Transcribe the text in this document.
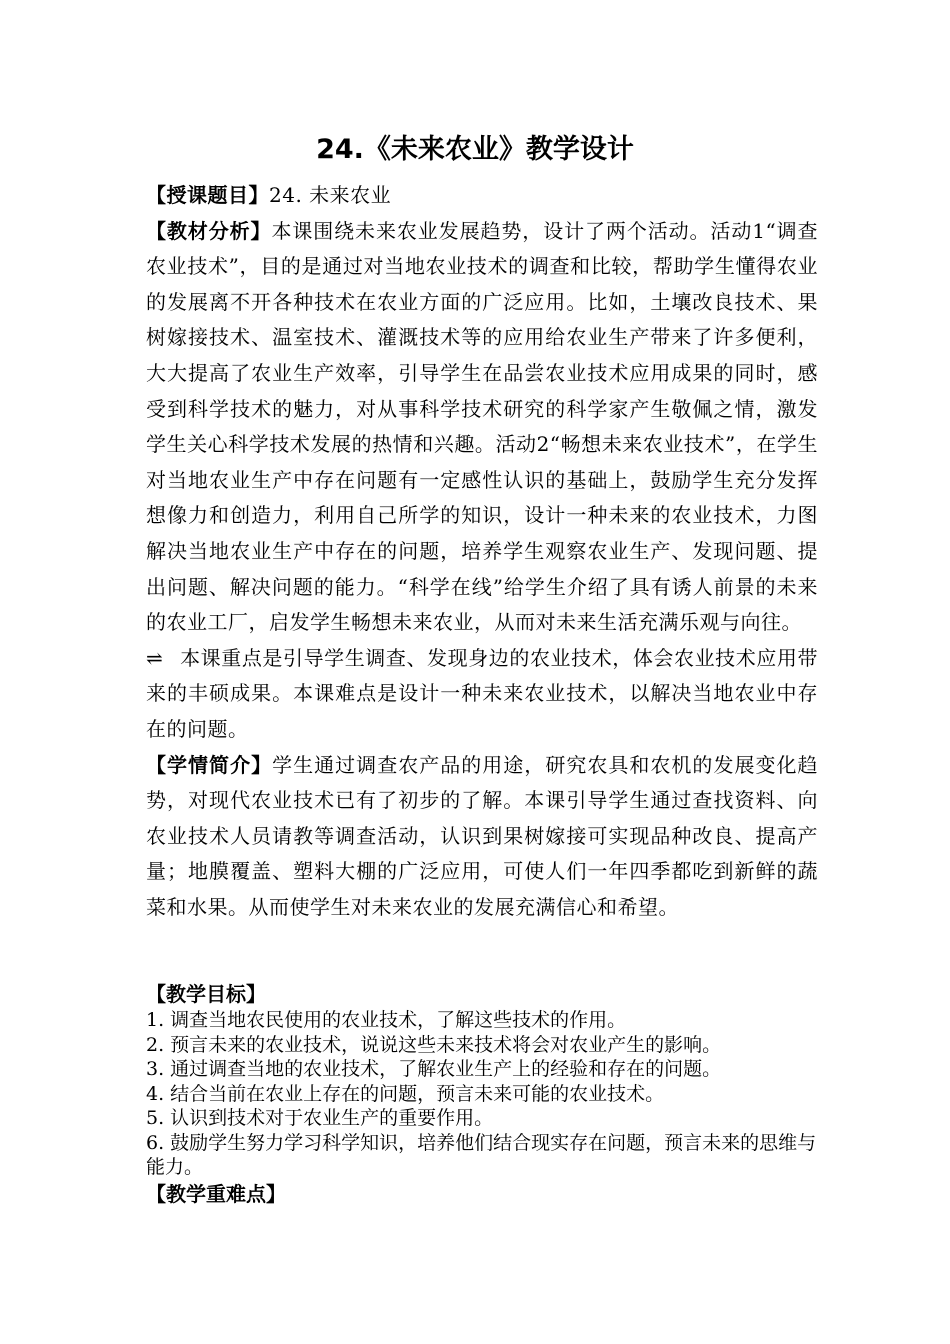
24.《未来农业》教学设计

【授课题目】24. 未来农业

【教材分析】本课围绕未来农业发展趋势，设计了两个活动。活动1“调查农业技术”，目的是通过对当地农业技术的调查和比较，帮助学生懂得农业的发展离不开各种技术在农业方面的广泛应用。比如，土壤改良技术、果树嫁接技术、温室技术、灌溉技术等的应用给农业生产带来了许多便利，大大提高了农业生产效率，引导学生在品尝农业技术应用成果的同时，感受到科学技术的魅力，对从事科学技术研究的科学家产生敬佩之情，激发学生关心科学技术发展的热情和兴趣。活动2“畅想未来农业技术”，在学生对当地农业生产中存在问题有一定感性认识的基础上，鼓励学生充分发挥想像力和创造力，利用自己所学的知识，设计一种未来的农业技术，力图解决当地农业生产中存在的问题，培养学生观察农业生产、发现问题、提出问题、解决问题的能力。“科学在线”给学生介绍了具有诱人前景的未来的农业工厂，启发学生畅想未来农业，从而对未来生活充满乐观与向往。

⇌ 本课重点是引导学生调查、发现身边的农业技术，体会农业技术应用带来的丰硕成果。本课难点是设计一种未来农业技术，以解决当地农业中存在的问题。

【学情简介】学生通过调查农产品的用途，研究农具和农机的发展变化趋势，对现代农业技术已有了初步的了解。本课引导学生通过查找资料、向农业技术人员请教等调查活动，认识到果树嫁接可实现品种改良、提高产量；地膜覆盖、塑料大棚的广泛应用，可使人们一年四季都吃到新鲜的蔬菜和水果。从而使学生对未来农业的发展充满信心和希望。

【教学目标】

1. 调查当地农民使用的农业技术，了解这些技术的作用。

2. 预言未来的农业技术，说说这些未来技术将会对农业产生的影响。

3. 通过调查当地的农业技术，了解农业生产上的经验和存在的问题。

4. 结合当前在农业上存在的问题，预言未来可能的农业技术。

5. 认识到技术对于农业生产的重要作用。

6. 鼓励学生努力学习科学知识，培养他们结合现实存在问题，预言未来的思维与能力。

【教学重难点】
